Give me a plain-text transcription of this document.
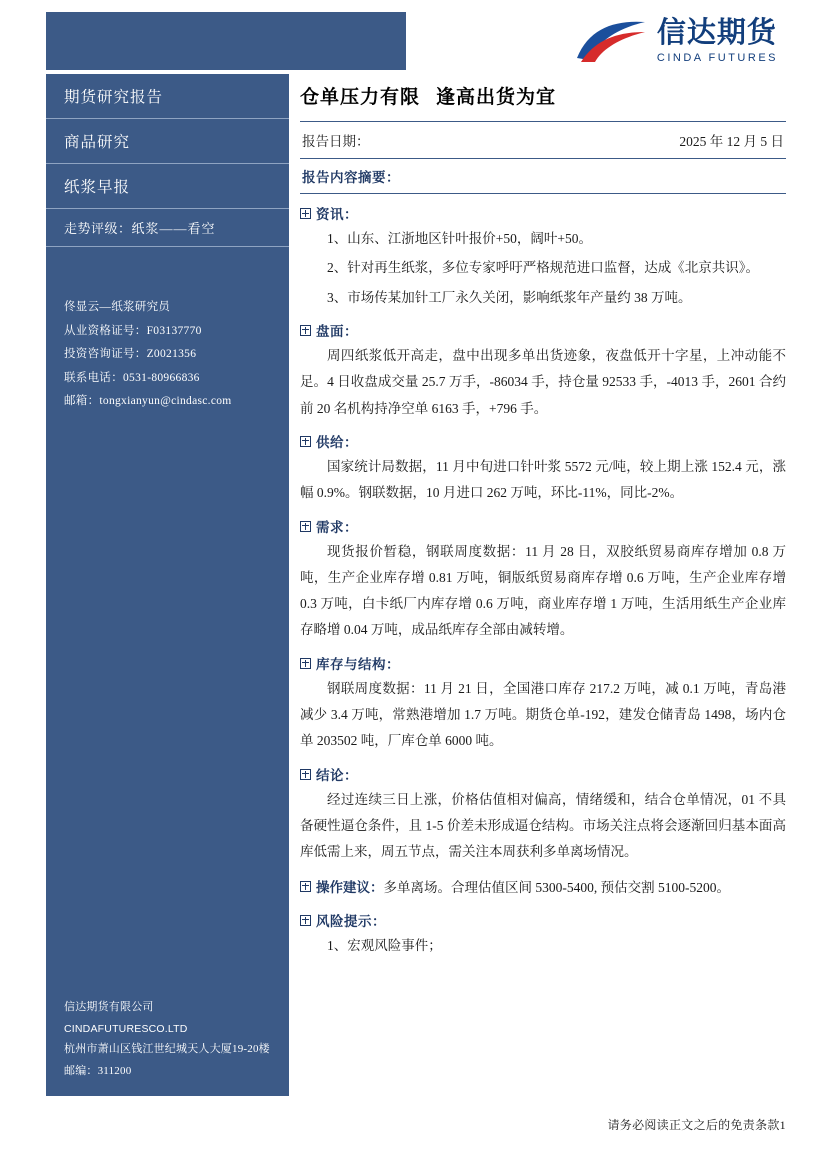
信达期货
CINDA FUTURES
期货研究报告
商品研究
纸浆早报
走势评级：纸浆——看空
佟显云—纸浆研究员
从业资格证号：F03137770
投资咨询证号：Z0021356
联系电话：0531-80966836
邮箱：tongxianyun@cindasc.com
信达期货有限公司
CINDAFUTURESCO.LTD
杭州市萧山区钱江世纪城天人大厦19-20楼
邮编：311200
仓单压力有限 逢高出货为宜
报告日期：	2025 年 12 月 5 日
报告内容摘要：
资讯：
1、山东、江浙地区针叶报价+50，阔叶+50。
2、针对再生纸浆，多位专家呼吁严格规范进口监督，达成《北京共识》。
3、市场传某加针工厂永久关闭，影响纸浆年产量约 38 万吨。
盘面：
周四纸浆低开高走，盘中出现多单出货迹象，夜盘低开十字星，上冲动能不足。4 日收盘成交量 25.7 万手，-86034 手，持仓量 92533 手，-4013 手，2601 合约前 20 名机构持净空单 6163 手，+796 手。
供给：
国家统计局数据，11 月中旬进口针叶浆 5572 元/吨，较上期上涨 152.4 元，涨幅 0.9%。钢联数据，10 月进口 262 万吨，环比-11%，同比-2%。
需求：
现货报价暂稳，钢联周度数据：11 月 28 日，双胶纸贸易商库存增加 0.8 万吨，生产企业库存增 0.81 万吨，铜版纸贸易商库存增 0.6 万吨，生产企业库存增 0.3 万吨，白卡纸厂内库存增 0.6 万吨，商业库存增 1 万吨，生活用纸生产企业库存略增 0.04 万吨，成品纸库存全部由减转增。
库存与结构：
钢联周度数据：11 月 21 日，全国港口库存 217.2 万吨，减 0.1 万吨，青岛港减少 3.4 万吨，常熟港增加 1.7 万吨。期货仓单-192，建发仓储青岛 1498，场内仓单 203502 吨，厂库仓单 6000 吨。
结论：
经过连续三日上涨，价格估值相对偏高，情绪缓和，结合仓单情况，01 不具备硬性逼仓条件，且 1-5 价差未形成逼仓结构。市场关注点将会逐渐回归基本面高库低需上来，周五节点，需关注本周获利多单离场情况。
操作建议： 多单离场。合理估值区间 5300-5400, 预估交割 5100-5200。
风险提示：
1、宏观风险事件；
请务必阅读正文之后的免责条款1
